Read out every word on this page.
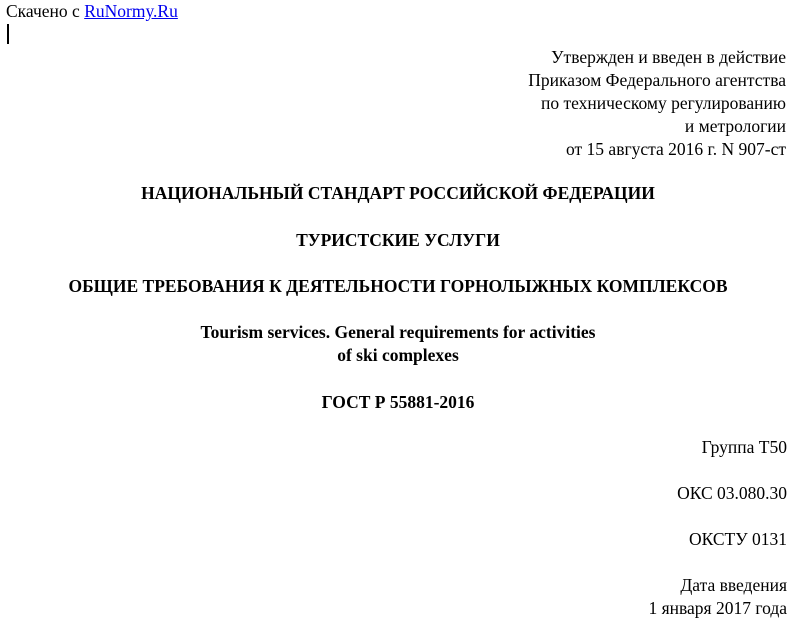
Скачено с RuNormy.Ru
Утвержден и введен в действие
Приказом Федерального агентства
по техническому регулированию
и метрологии
от 15 августа 2016 г. N 907-ст
НАЦИОНАЛЬНЫЙ СТАНДАРТ РОССИЙСКОЙ ФЕДЕРАЦИИ
ТУРИСТСКИЕ УСЛУГИ
ОБЩИЕ ТРЕБОВАНИЯ К ДЕЯТЕЛЬНОСТИ ГОРНОЛЫЖНЫХ КОМПЛЕКСОВ
Tourism services. General requirements for activities
of ski complexes
ГОСТ Р 55881-2016
Группа Т50
ОКС 03.080.30
ОКСТУ 0131
Дата введения
1 января 2017 года
